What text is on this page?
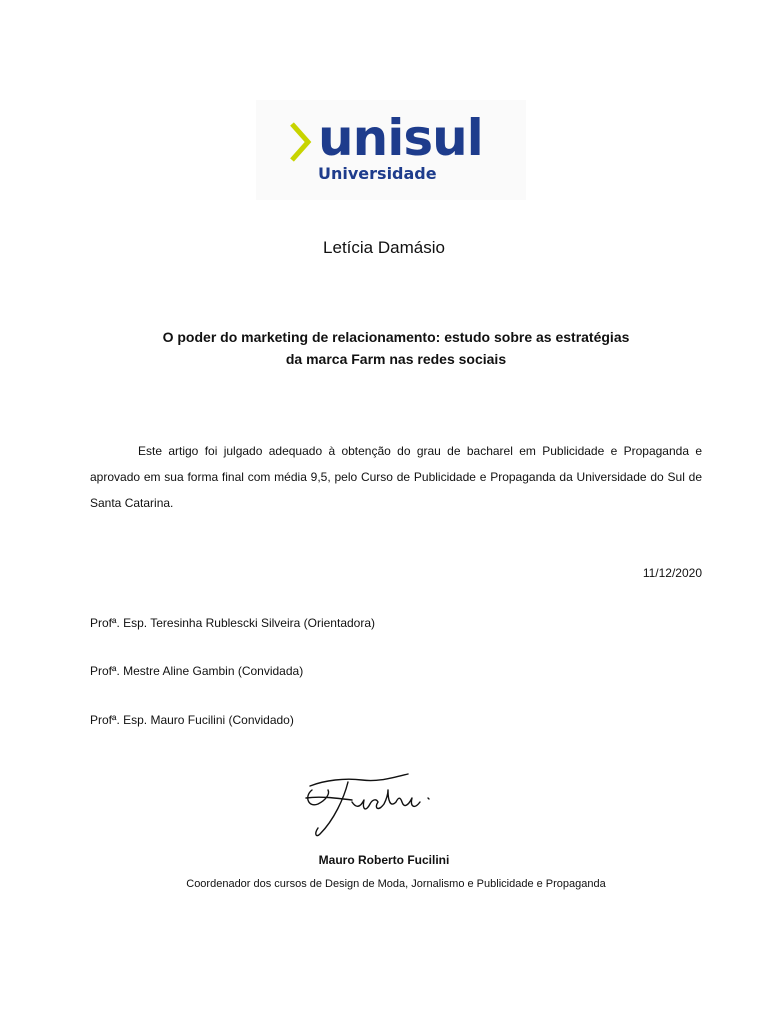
unisul
Universidade
Letícia Damásio
O poder do marketing de relacionamento: estudo sobre as estratégias
da marca Farm nas redes sociais

Este artigo foi julgado adequado à obtenção do grau de bacharel em Publicidade e Propaganda e aprovado em sua forma final com média 9,5, pelo Curso de Publicidade e Propaganda da Universidade do Sul de Santa Catarina.

11/12/2020
Profª. Esp. Teresinha Rublescki Silveira (Orientadora)
Profª. Mestre Aline Gambin (Convidada)
Profª. Esp. Mauro Fucilini (Convidado)
Mauro Roberto Fucilini
Coordenador dos cursos de Design de Moda, Jornalismo e Publicidade e Propaganda
